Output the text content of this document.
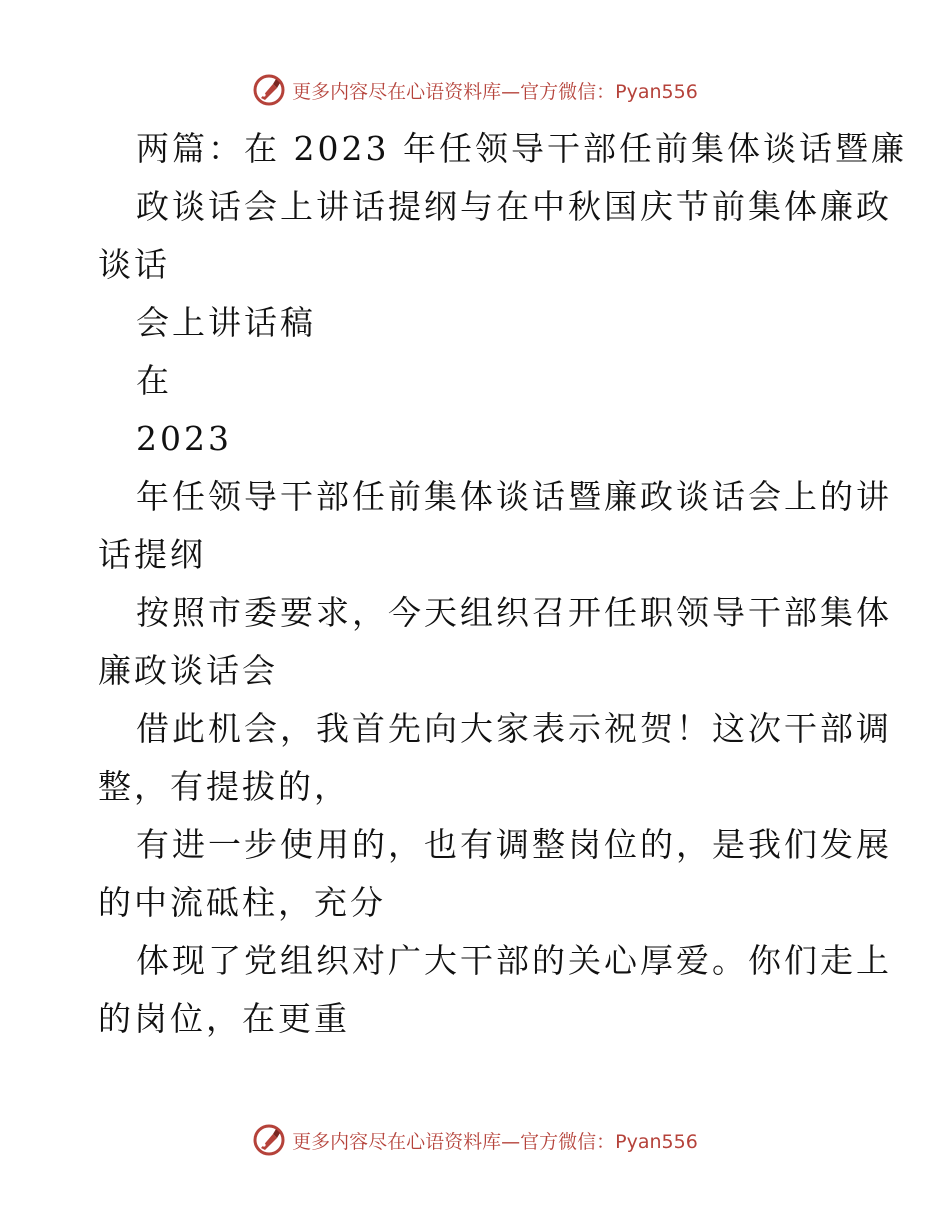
更多内容尽在心语资料库—官方微信：Pyan556
两篇：在 2023 年任领导干部任前集体谈话暨廉
政谈话会上讲话提纲与在中秋国庆节前集体廉政
谈话
会上讲话稿
在
2023
年任领导干部任前集体谈话暨廉政谈话会上的讲
话提纲
按照市委要求，今天组织召开任职领导干部集体
廉政谈话会
借此机会，我首先向大家表示祝贺！这次干部调
整，有提拔的，
有进一步使用的，也有调整岗位的，是我们发展
的中流砥柱，充分
体现了党组织对广大干部的关心厚爱。你们走上
的岗位，在更重
更多内容尽在心语资料库—官方微信：Pyan556
